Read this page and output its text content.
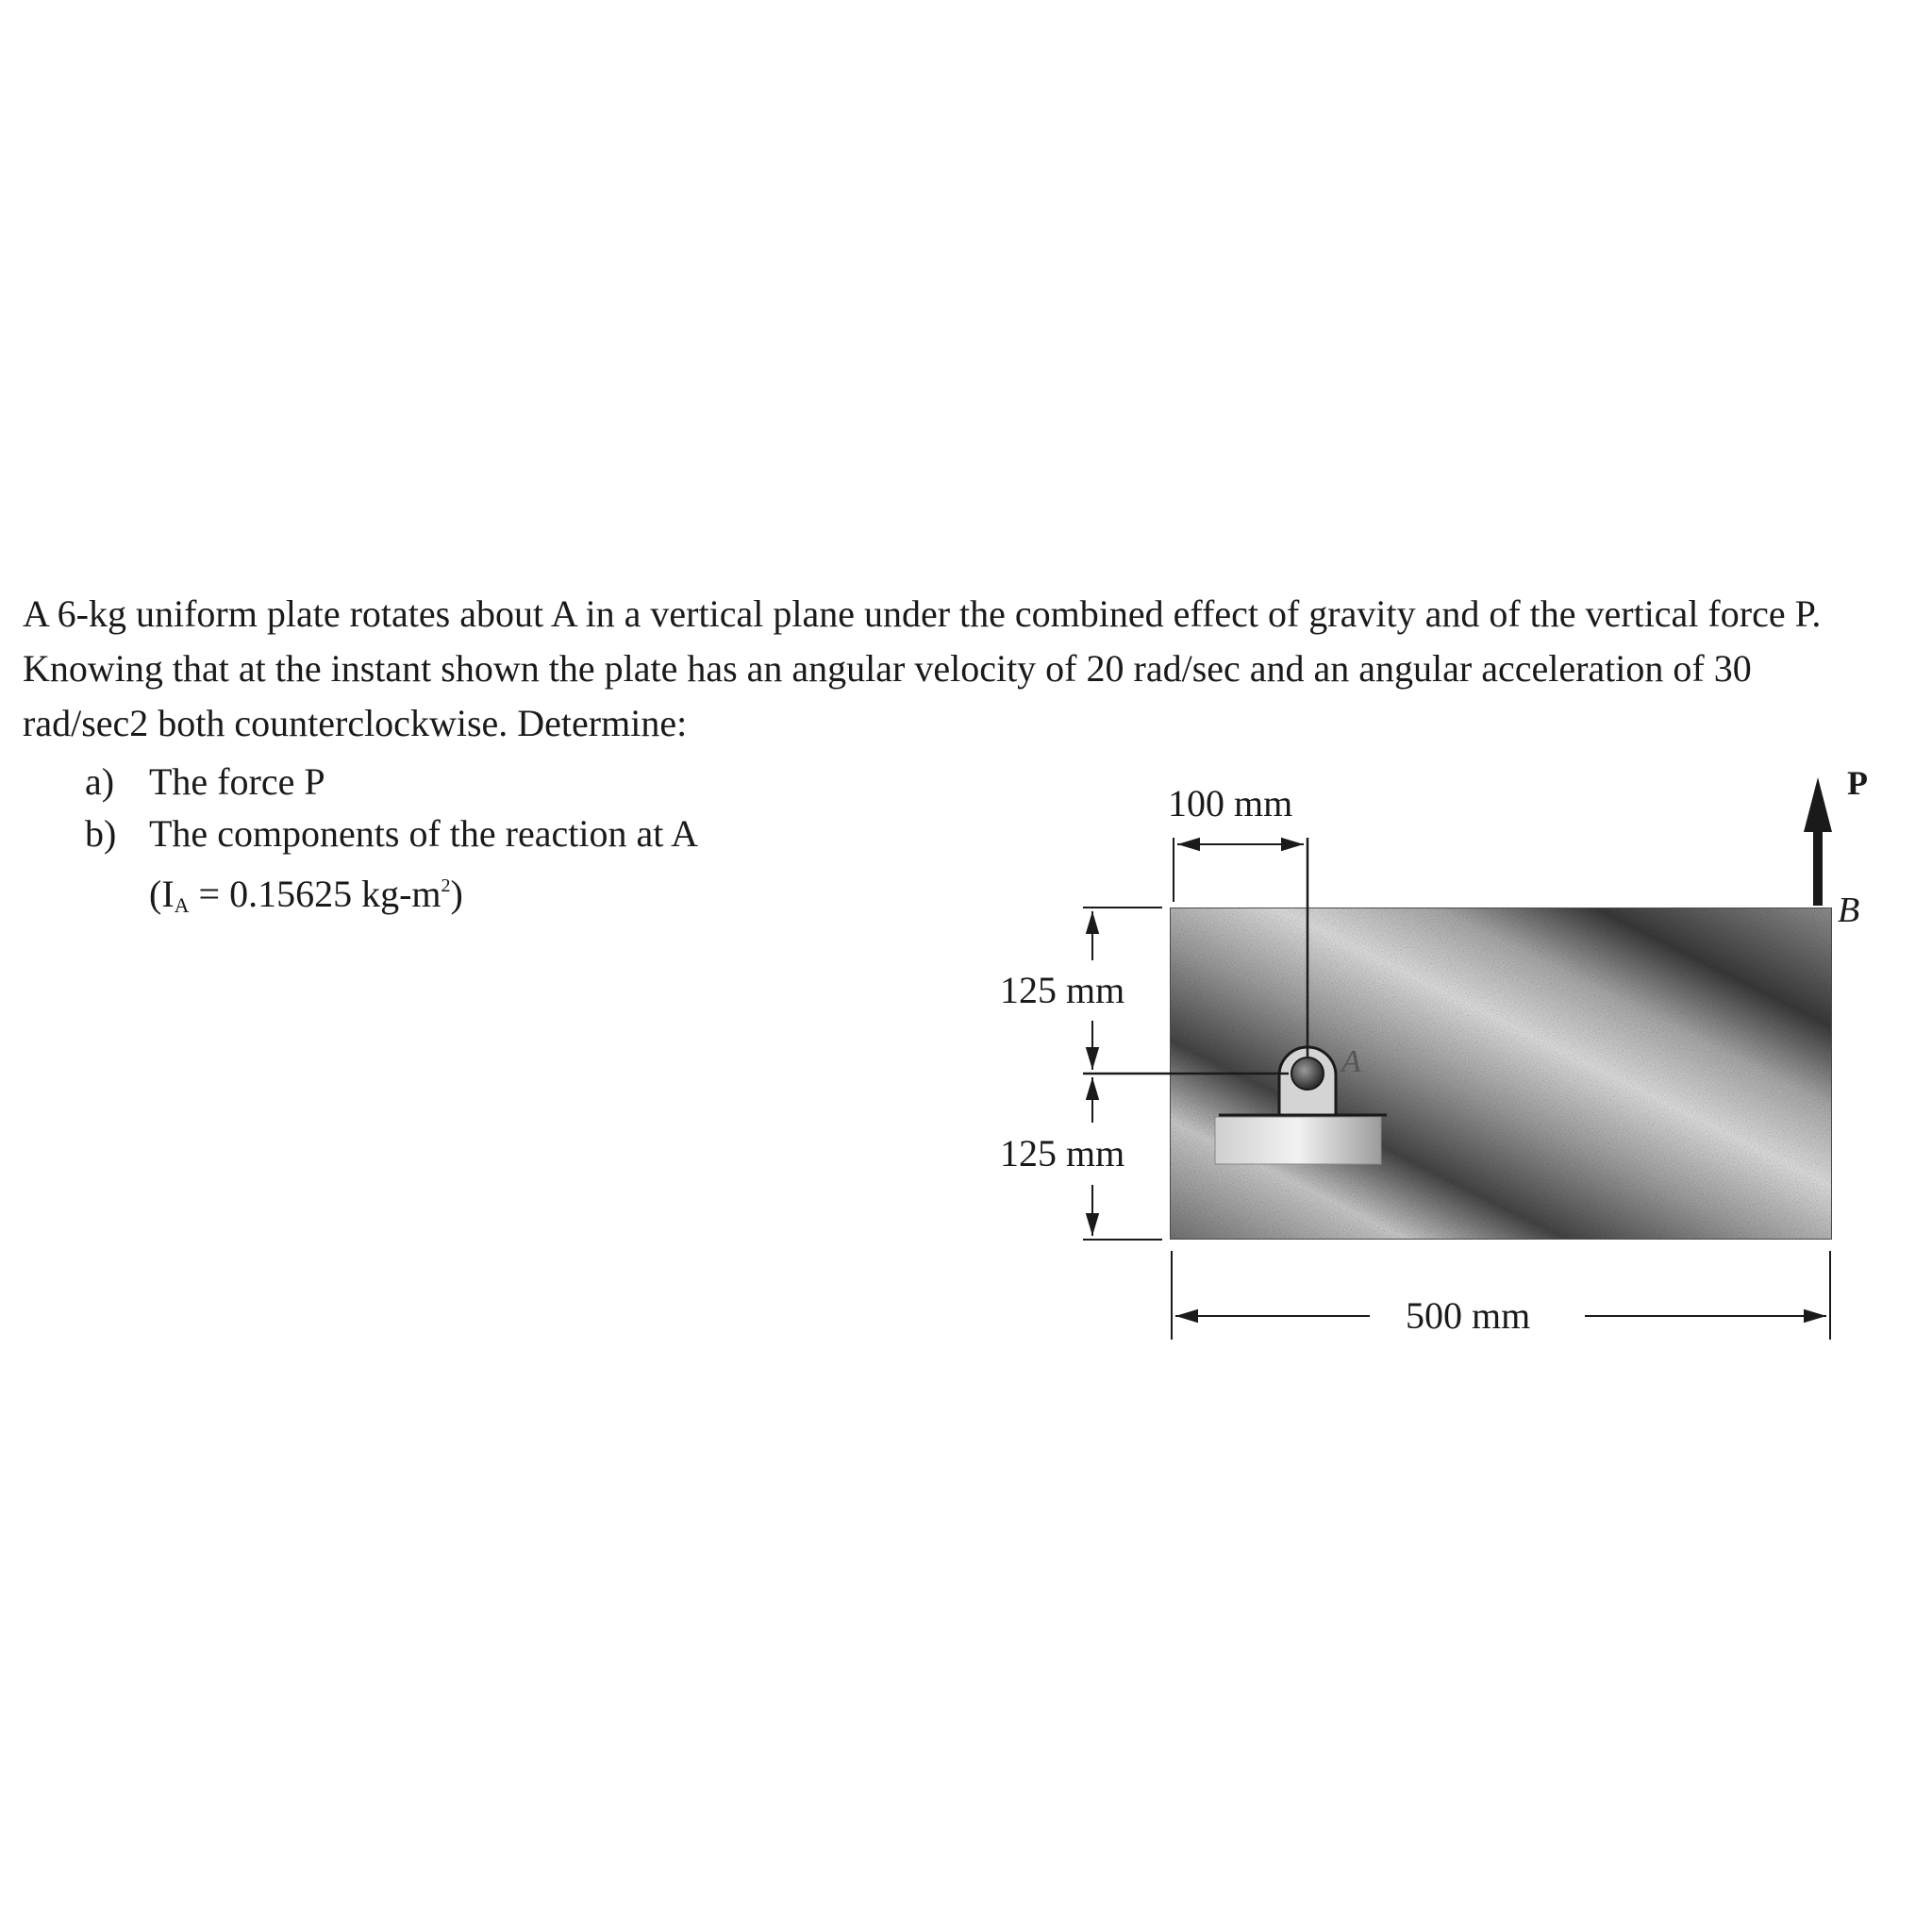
A 6-kg uniform plate rotates about A in a vertical plane under the combined effect of gravity and of the vertical force P. Knowing that at the instant shown the plate has an angular velocity of 20 rad/sec and an angular acceleration of 30 rad/sec2 both counterclockwise. Determine:

a) The force P
b) The components of the reaction at A
($I_A = 0.15625$ $kg-m^2$)
A
100 mm
125 mm
125 mm
500 mm
P
B
